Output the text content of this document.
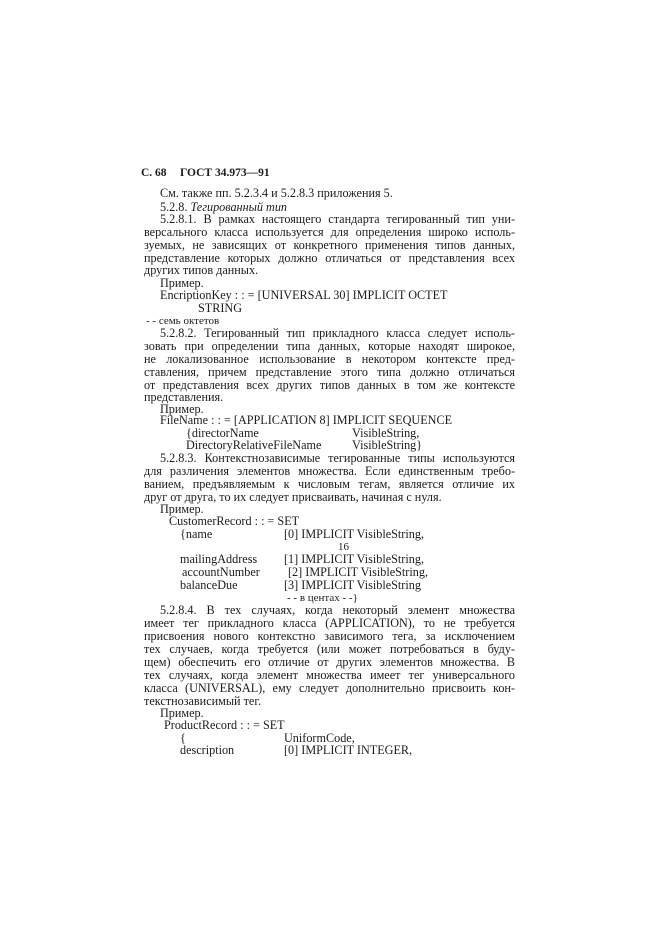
С. 68 ГОСТ 34.973—91
См. также пп. 5.2.3.4 и 5.2.8.3 приложения 5.
5.2.8. Тегированный тип
5.2.8.1. В рамках настоящего стандарта тегированный тип уни-
версального класса используется для определения широко исполь-
зуемых, не зависящих от конкретного применения типов данных,
представление которых должно отличаться от представления всех
других типов данных.
Пример.
EncriptionKey : : = [UNIVERSAL 30] IMPLICIT OCTET
STRING
- - семь октетов
5.2.8.2. Тегированный тип прикладного класса следует исполь-
зовать при определении типа данных, которые находят широкое,
не локализованное использование в некотором контексте пред-
ставления, причем представление этого типа должно отличаться
от представления всех других типов данных в том же контексте
представления.
Пример.
FileName : : = [APPLICATION 8] IMPLICIT SEQUENCE
{directorName	VisibleString,
DirectoryRelativeFileName	VisibleString}
5.2.8.3. Контекстнозависимые тегированные типы используются
для различения элементов множества. Если единственным требо-
ванием, предъявляемым к числовым тегам, является отличие их
друг от друга, то их следует присваивать, начиная с нуля.
Пример.
CustomerRecord : : = SET
{name	[0] IMPLICIT VisibleString,
16
mailingAddress [1] IMPLICIT VisibleString,
accountNumber [2] IMPLICIT VisibleString,
balanceDue	[3] IMPLICIT VisibleString
- - в центах - -}
5.2.8.4. В тех случаях, когда некоторый элемент множества
имеет тег прикладного класса (APPLICATION), то не требуется
присвоения нового контекстно зависимого тега, за исключением
тех случаев, когда требуется (или может потребоваться в буду-
щем) обеспечить его отличие от других элементов множества. В
тех случаях, когда элемент множества имеет тег универсального
класса (UNIVERSAL), ему следует дополнительно присвоить кон-
текстнозависимый тег.
Пример.
ProductRecord : : = SET
{	UniformCode,
description	[0] IMPLICIT INTEGER,
